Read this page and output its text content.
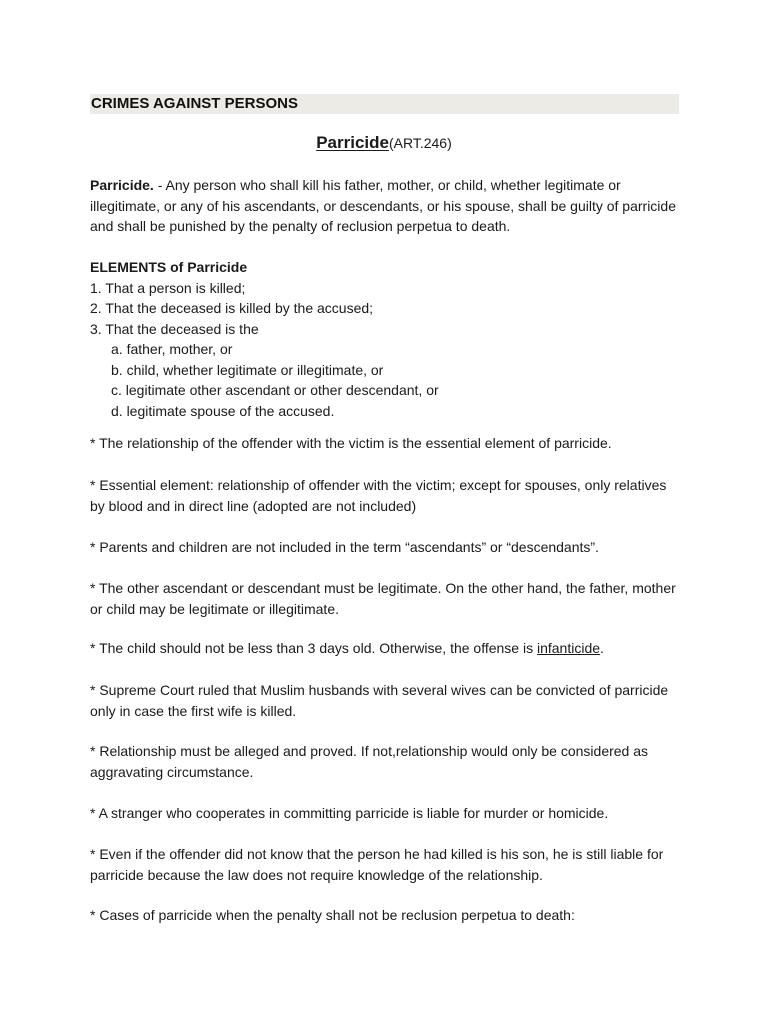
CRIMES AGAINST PERSONS
Parricide(ART.246)

Parricide. - Any person who shall kill his father, mother, or child, whether legitimate or illegitimate, or any of his ascendants, or descendants, or his spouse, shall be guilty of parricide and shall be punished by the penalty of reclusion perpetua to death.

ELEMENTS of Parricide

1. That a person is killed;

2. That the deceased is killed by the accused;

3. That the deceased is the

a. father, mother, or

b. child, whether legitimate or illegitimate, or

c. legitimate other ascendant or other descendant, or

d. legitimate spouse of the accused.

* The relationship of the offender with the victim is the essential element of parricide.

* Essential element: relationship of offender with the victim; except for spouses, only relatives by blood and in direct line (adopted are not included)

* Parents and children are not included in the term “ascendants” or “descendants”.

* The other ascendant or descendant must be legitimate. On the other hand, the father, mother or child may be legitimate or illegitimate.

* The child should not be less than 3 days old. Otherwise, the offense is infanticide.

* Supreme Court ruled that Muslim husbands with several wives can be convicted of parricide only in case the first wife is killed.

* Relationship must be alleged and proved. If not,relationship would only be considered as aggravating circumstance.

* A stranger who cooperates in committing parricide is liable for murder or homicide.

* Even if the offender did not know that the person he had killed is his son, he is still liable for parricide because the law does not require knowledge of the relationship.

* Cases of parricide when the penalty shall not be reclusion perpetua to death:
